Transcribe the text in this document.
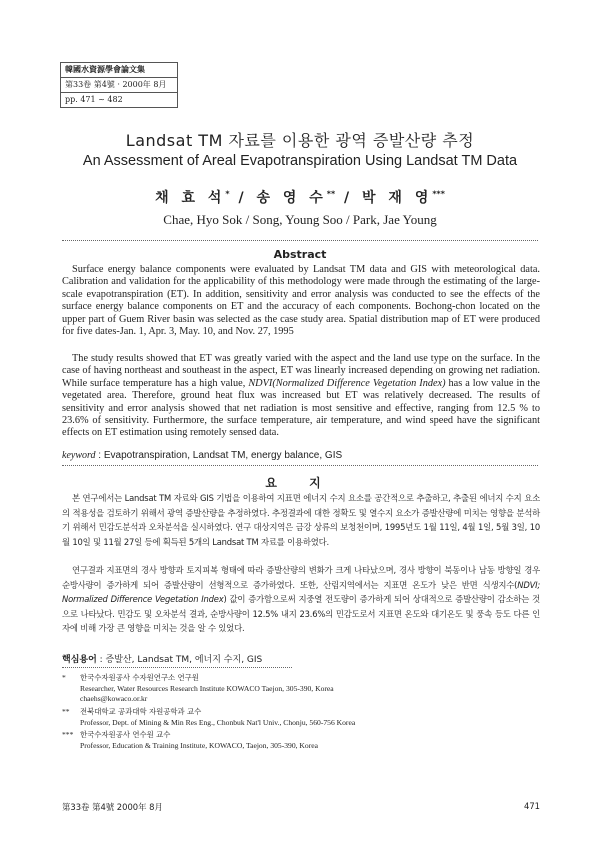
韓國水資源學會論文集
第33卷 第4號 · 2000年 8月
pp. 471 ~ 482
Landsat TM 자료를 이용한 광역 증발산량 추정
An Assessment of Areal Evapotranspiration Using Landsat TM Data
채 효 석* / 송 영 수** / 박 재 영***
Chae, Hyo Sok / Song, Young Soo / Park, Jae Young
Abstract

Surface energy balance components were evaluated by Landsat TM data and GIS with meteorological data. Calibration and validation for the applicability of this methodology were made through the estimating of the large-scale evapotranspiration (ET). In addition, sensitivity and error analysis was conducted to see the effects of the surface energy balance components on ET and the accuracy of each components. Bochong-chon located on the upper part of Guem River basin was selected as the case study area. Spatial distribution map of ET were produced for five dates-Jan. 1, Apr. 3, May. 10, and Nov. 27, 1995

The study results showed that ET was greatly varied with the aspect and the land use type on the surface. In the case of having northeast and southeast in the aspect, ET was linearly increased depending on growing net radiation. While surface temperature has a high value, NDVI(Normalized Difference Vegetation Index) has a low value in the vegetated area. Therefore, ground heat flux was increased but ET was relatively decreased. The results of sensitivity and error analysis showed that net radiation is most sensitive and effective, ranging from 12.5 % to 23.6% of sensitivity. Furthermore, the surface temperature, air temperature, and wind speed have the significant effects on ET estimation using remotely sensed data.

keyword : Evapotranspiration, Landsat TM, energy balance, GIS
요 지

본 연구에서는 Landsat TM 자료와 GIS 기법을 이용하여 지표면 에너지 수지 요소를 공간적으로 추출하고, 추출된 에너지 수지 요소의 적용성을 검토하기 위해서 광역 증발산량을 추정하였다. 추정결과에 대한 정확도 및 열수지 요소가 증발산량에 미치는 영향을 분석하기 위해서 민감도분석과 오차분석을 실시하였다. 연구 대상지역은 금강 상류의 보청천이며, 1995년도 1월 11일, 4월 1일, 5월 3일, 10월 10일 및 11월 27일 등에 획득된 5개의 Landsat TM 자료를 이용하였다.

연구결과 지표면의 경사 방향과 토지피복 형태에 따라 증발산량의 변화가 크게 나타났으며, 경사 방향이 북동이나 남동 방향일 경우 순방사량이 증가하게 되어 증발산량이 선형적으로 증가하였다. 또한, 산림지역에서는 지표면 온도가 낮은 반면 식생지수(NDVI; Normalized Difference Vegetation Index) 값이 증가함으로써 지중열 전도량이 증가하게 되어 상대적으로 증발산량이 감소하는 것으로 나타났다. 민감도 및 오차분석 결과, 순방사량이 12.5% 내지 23.6%의 민감도로서 지표면 온도와 대기온도 및 풍속 등도 다른 인자에 비해 가장 큰 영향을 미치는 것을 알 수 있었다.

핵심용어 : 증발산, Landsat TM, 에너지 수지, GIS
*	한국수자원공사 수자원연구소 연구원
Researcher, Water Resources Research Institute KOWACO Taejon, 305-390, Korea
chaehs@kowaco.or.kr
**	전북대학교 공과대학 자원공학과 교수
Professor, Dept. of Mining & Min Res Eng., Chonbuk Nat'l Univ., Chonju, 560-756 Korea
*** 한국수자원공사 연수원 교수
Professor, Education & Training Institute, KOWACO, Taejon, 305-390, Korea
第33卷 第4號 2000年 8月	471
